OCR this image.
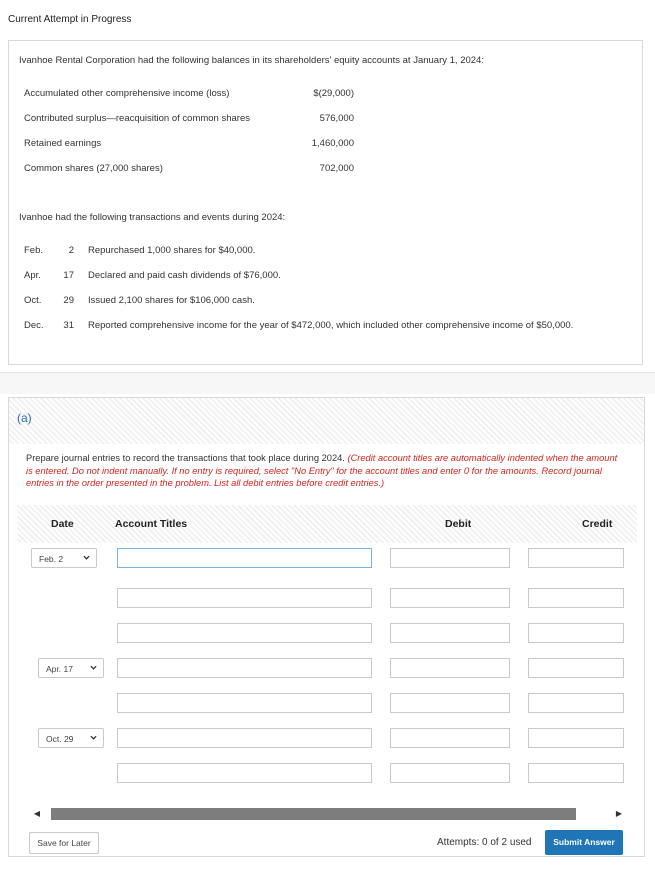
Current Attempt in Progress
Ivanhoe Rental Corporation had the following balances in its shareholders' equity accounts at January 1, 2024:
Accumulated other comprehensive income (loss)	$(29,000)
Contributed surplus—reacquisition of common shares	576,000
Retained earnings	1,460,000
Common shares (27,000 shares)	702,000
Ivanhoe had the following transactions and events during 2024:
Feb.	2 Repurchased 1,000 shares for $40,000.
Apr.	17 Declared and paid cash dividends of $76,000.
Oct.	29 Issued 2,100 shares for $106,000 cash.
Dec.	31 Reported comprehensive income for the year of $472,000, which included other comprehensive income of $50,000.
(a)
Prepare journal entries to record the transactions that took place during 2024. (Credit account titles are automatically indented when the amount is entered. Do not indent manually. If no entry is required, select "No Entry" for the account titles and enter 0 for the amounts. Record journal entries in the order presented in the problem. List all debit entries before credit entries.)
Date	Account Titles	Debit	Credit
Feb. 2
Apr. 17
Oct. 29
◀	▶
Save for Later	Attempts: 0 of 2 used	Submit Answer
